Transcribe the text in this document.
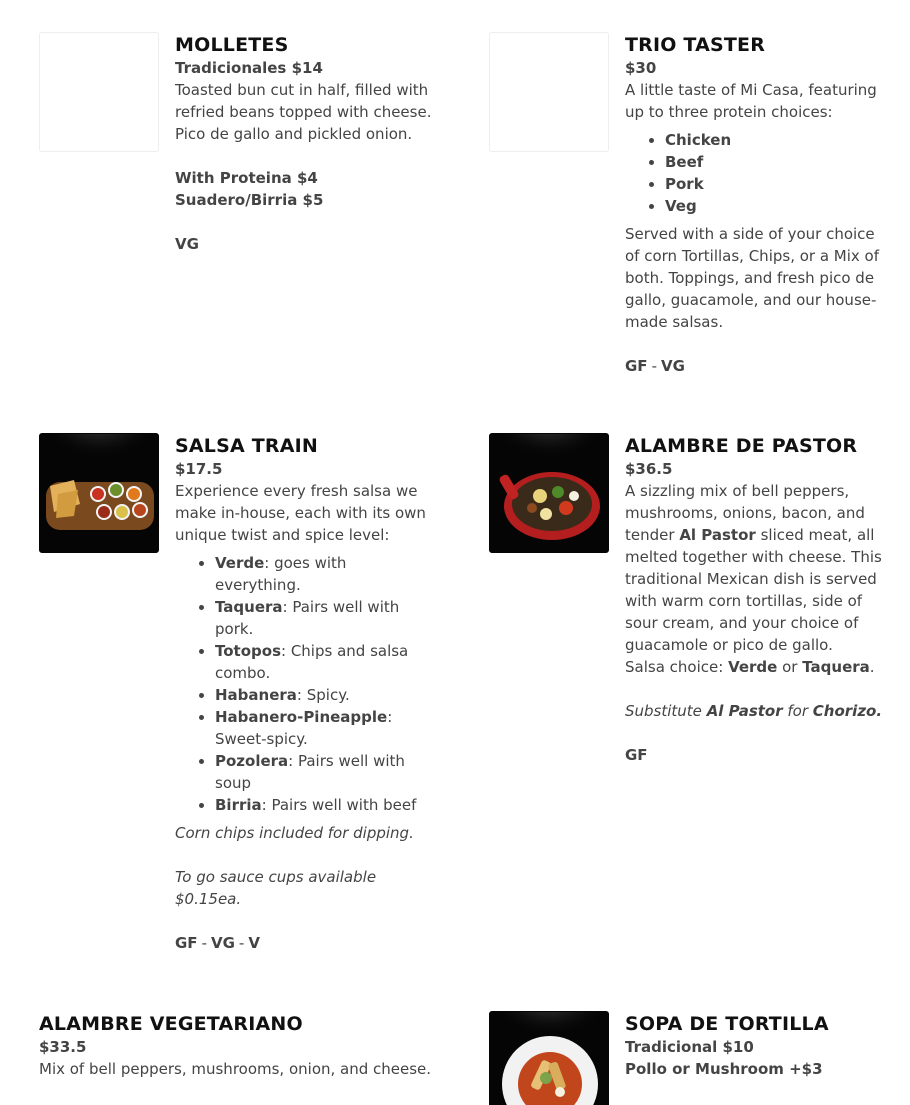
MOLLETES

Tradicionales $14

Toasted bun cut in half, filled with refried beans topped with cheese.

Pico de gallo and pickled onion.

With Proteina $4

Suadero/Birria $5

VG

TRIO TASTER

$30

A little taste of Mi Casa, featuring up to three protein choices:

• Chicken
• Beef
• Pork
• Veg

Served with a side of your choice of corn Tortillas, Chips, or a Mix of both. Toppings, and fresh pico de gallo, guacamole, and our house-made salsas.

GF - VG

SALSA TRAIN

$17.5

Experience every fresh salsa we make in-house, each with its own unique twist and spice level:

• Verde: goes with everything.
• Taquera: Pairs well with pork.
• Totopos: Chips and salsa combo.
• Habanera: Spicy.
• Habanero-Pineapple: Sweet-spicy.
• Pozolera: Pairs well with soup
• Birria: Pairs well with beef

Corn chips included for dipping.

To go sauce cups available $0.15ea.

GF - VG - V

ALAMBRE DE PASTOR

$36.5

A sizzling mix of bell peppers, mushrooms, onions, bacon, and tender Al Pastor sliced meat, all melted together with cheese. This traditional Mexican dish is served with warm corn tortillas, side of sour cream, and your choice of guacamole or pico de gallo.

Salsa choice: Verde or Taquera.

Substitute Al Pastor for Chorizo.

GF

ALAMBRE VEGETARIANO

$33.5

Mix of bell peppers, mushrooms, onion, and cheese.

SOPA DE TORTILLA

Tradicional $10

Pollo or Mushroom +$3
